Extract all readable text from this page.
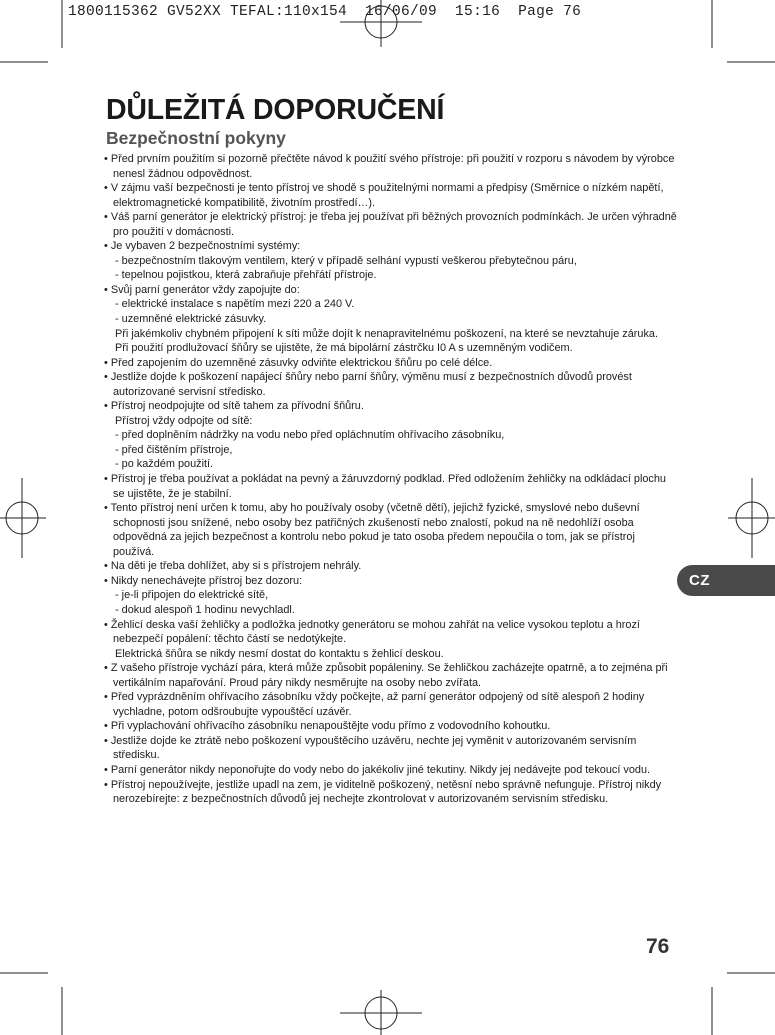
1800115362 GV52XX TEFAL:110x154  16/06/09  15:16  Page 76
DŮLEŽITÁ DOPORUČENÍ
Bezpečnostní pokyny

• Před prvním použitím si pozorně přečtěte návod k použití svého přístroje: při použití v rozporu s návodem by výrobce nenesl žádnou odpovědnost.

• V zájmu vaší bezpečnosti je tento přístroj ve shodě s použitelnými normami a předpisy (Směrnice o nízkém napětí, elektromagnetické kompatibilitě, životním prostředí…).

• Váš parní generátor je elektrický přístroj: je třeba jej používat při běžných provozních podmínkách. Je určen výhradně pro použití v domácnosti.

• Je vybaven 2 bezpečnostními systémy:

- bezpečnostním tlakovým ventilem, který v případě selhání vypustí veškerou přebytečnou páru,

- tepelnou pojistkou, která zabraňuje přehřátí přístroje.

• Svůj parní generátor vždy zapojujte do:

- elektrické instalace s napětím mezi 220 a 240 V.

- uzemněné elektrické zásuvky.

Při jakémkoliv chybném připojení k síti může dojít k nenapravitelnému poškození, na které se nevztahuje záruka.

Při použití prodlužovací šňůry se ujistěte, že má bipolární zástrčku I0 A s uzemněným vodičem.

• Před zapojením do uzemněné zásuvky odviňte elektrickou šňůru po celé délce.

• Jestliže dojde k poškození napájecí šňůry nebo parní šňůry, výměnu musí z bezpečnostních důvodů provést autorizované servisní středisko.

• Přístroj neodpojujte od sítě tahem za přívodní šňůru.

Přístroj vždy odpojte od sítě:

- před doplněním nádržky na vodu nebo před opláchnutím ohřívacího zásobníku,

- před čištěním přístroje,

- po každém použití.

• Přístroj je třeba používat a pokládat na pevný a žáruvzdorný podklad. Před odložením žehličky na odkládací plochu se ujistěte, že je stabilní.

• Tento přístroj není určen k tomu, aby ho používaly osoby (včetně dětí), jejichž fyzické, smyslové nebo duševní schopnosti jsou snížené, nebo osoby bez patřičných zkušeností nebo znalostí, pokud na ně nedohlíží osoba odpovědná za jejich bezpečnost a kontrolu nebo pokud je tato osoba předem nepoučila o tom, jak se přístroj používá.

• Na děti je třeba dohlížet, aby si s přístrojem nehrály.

• Nikdy nenechávejte přístroj bez dozoru:

- je-li připojen do elektrické sítě,

- dokud alespoň 1 hodinu nevychladl.

• Žehlicí deska vaší žehličky a podložka jednotky generátoru se mohou zahřát na velice vysokou teplotu a hrozí nebezpečí popálení: těchto částí se nedotýkejte.

Elektrická šňůra se nikdy nesmí dostat do kontaktu s žehlicí deskou.

• Z vašeho přístroje vychází pára, která může způsobit popáleniny. Se žehličkou zacházejte opatrně, a to zejména při vertikálním napařování. Proud páry nikdy nesměrujte na osoby nebo zvířata.

• Před vyprázdněním ohřívacího zásobníku vždy počkejte, až parní generátor odpojený od sítě alespoň 2 hodiny vychladne, potom odšroubujte vypouštěcí uzávěr.

• Při vyplachování ohřívacího zásobníku nenapouštějte vodu přímo z vodovodního kohoutku.

• Jestliže dojde ke ztrátě nebo poškození vypouštěcího uzávěru, nechte jej vyměnit v autorizovaném servisním středisku.

• Parní generátor nikdy neponořujte do vody nebo do jakékoliv jiné tekutiny. Nikdy jej nedávejte pod tekoucí vodu.

• Přístroj nepoužívejte, jestliže upadl na zem, je viditelně poškozený, netěsní nebo správně nefunguje. Přístroj nikdy nerozebírejte: z bezpečnostních důvodů jej nechejte zkontrolovat v autorizovaném servisním středisku.

CZ
76
